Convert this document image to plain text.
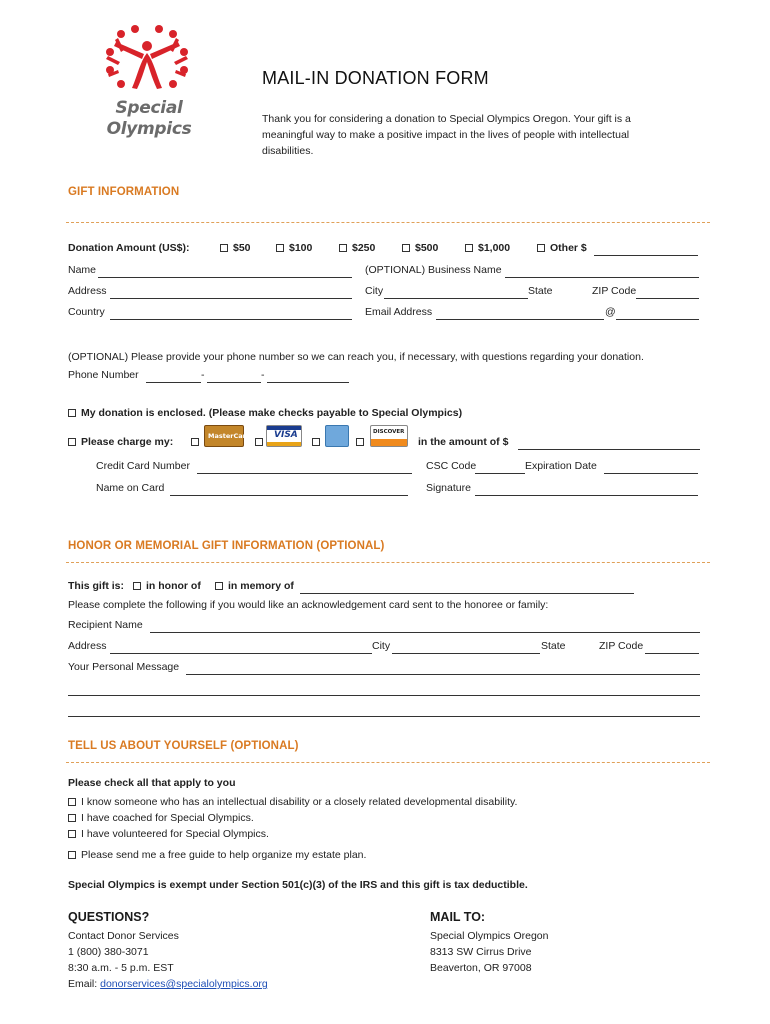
Special
Olympics
MAIL-IN DONATION FORM
Thank you for considering a donation to Special Olympics Oregon. Your gift is a meaningful way to make a positive impact in the lives of people with intellectual disabilities.
GIFT INFORMATION
Donation Amount (US$):	$50	$100	$250	$500	$1,000	Other $
Name	(OPTIONAL) Business Name
Address	City	State	ZIP Code
Country	Email Address	@
(OPTIONAL) Please provide your phone number so we can reach you, if necessary, with questions regarding your donation.
Phone Number	-	-
My donation is enclosed. (Please make checks payable to Special Olympics)
Please charge my:	MasterCard	VISA	DISCOVER
in the amount of $
Credit Card Number	CSC Code	Expiration Date
Name on Card	Signature
HONOR OR MEMORIAL GIFT INFORMATION (OPTIONAL)
This gift is:	in honor of	in memory of
Please complete the following if you would like an acknowledgement card sent to the honoree or family:
Recipient Name
Address	City	State	ZIP Code
Your Personal Message
TELL US ABOUT YOURSELF (OPTIONAL)
Please check all that apply to you
I know someone who has an intellectual disability or a closely related developmental disability.
I have coached for Special Olympics.
I have volunteered for Special Olympics.
Please send me a free guide to help organize my estate plan.
Special Olympics is exempt under Section 501(c)(3) of the IRS and this gift is tax deductible.
QUESTIONS?
Contact Donor Services
1 (800) 380-3071
8:30 a.m. - 5 p.m. EST
Email: donorservices@specialolympics.org
MAIL TO:
Special Olympics Oregon
8313 SW Cirrus Drive
Beaverton, OR 97008
